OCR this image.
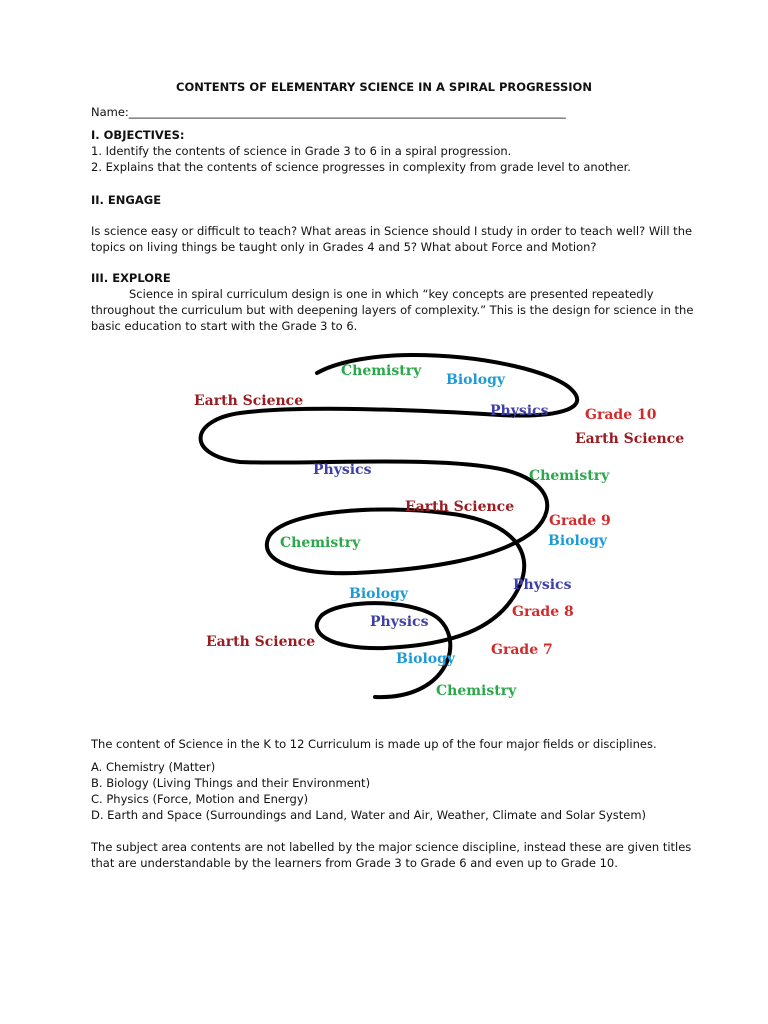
CONTENTS OF ELEMENTARY SCIENCE IN A SPIRAL PROGRESSION
Name:____________________________________________________________________________
I. OBJECTIVES:
1. Identify the contents of science in Grade 3 to 6 in a spiral progression.
2. Explains that the contents of science progresses in complexity from grade level to another.
II. ENGAGE
Is science easy or difficult to teach? What areas in Science should I study in order to teach well? Will the
topics on living things be taught only in Grades 4 and 5? What about Force and Motion?
III. EXPLORE
Science in spiral curriculum design is one in which “key concepts are presented repeatedly
throughout the curriculum but with deepening layers of complexity.” This is the design for science in the
basic education to start with the Grade 3 to 6.
Chemistry
Biology
Earth Science
Physics	Grade 10
Earth Science
Physics	Chemistry
Earth Science
Grade 9
Chemistry	Biology
Physics
Biology
Grade 8
Physics
Earth Science	Grade 7
Biology
Chemistry
The content of Science in the K to 12 Curriculum is made up of the four major fields or disciplines.
A. Chemistry (Matter)
B. Biology (Living Things and their Environment)
C. Physics (Force, Motion and Energy)
D. Earth and Space (Surroundings and Land, Water and Air, Weather, Climate and Solar System)
The subject area contents are not labelled by the major science discipline, instead these are given titles
that are understandable by the learners from Grade 3 to Grade 6 and even up to Grade 10.
